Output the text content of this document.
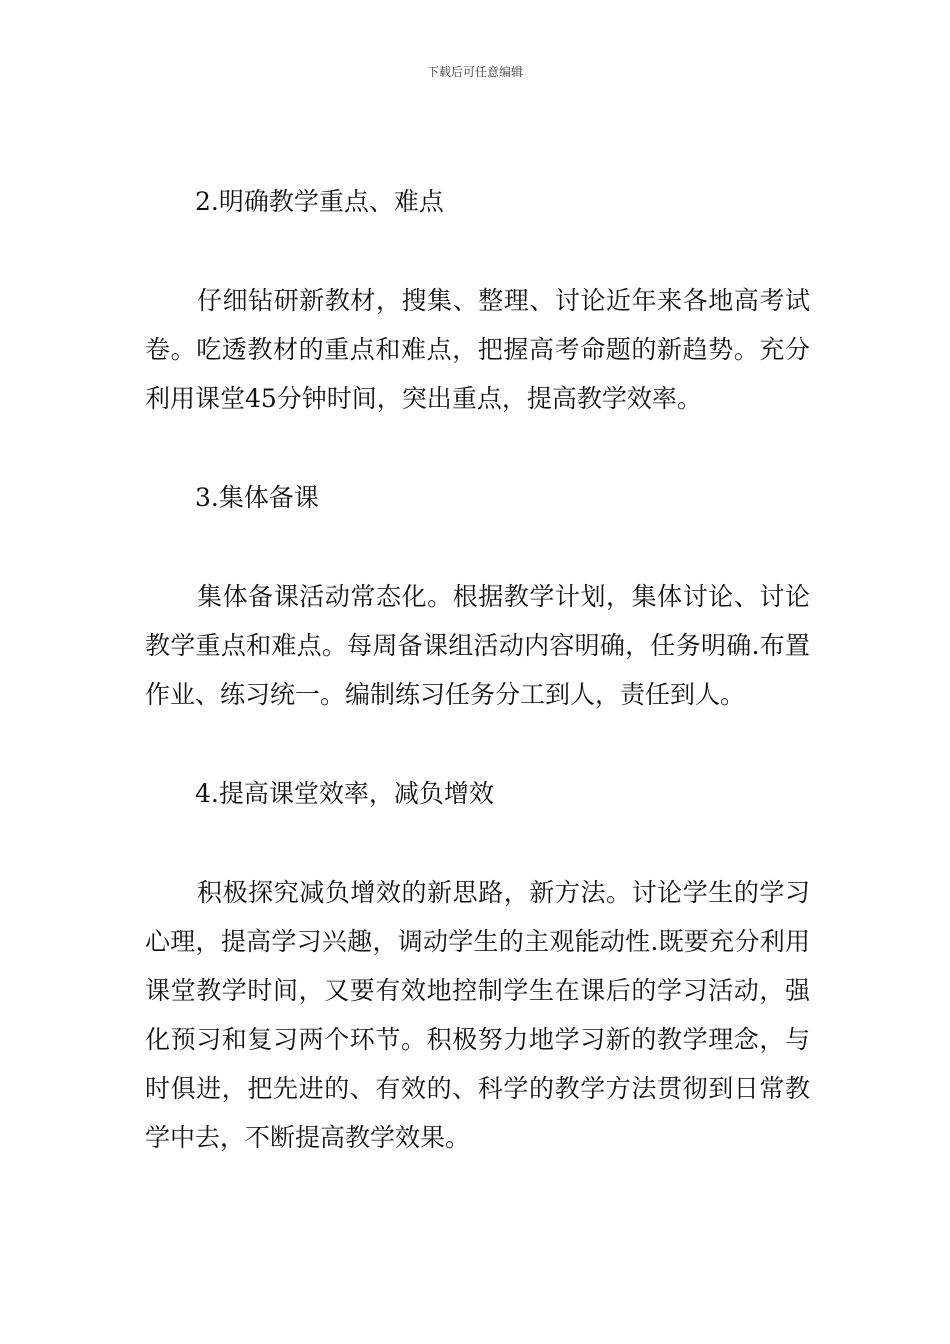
下载后可任意编辑

2.明确教学重点、难点

仔细钻研新教材，搜集、整理、讨论近年来各地高考试卷。吃透教材的重点和难点，把握高考命题的新趋势。充分利用课堂45分钟时间，突出重点，提高教学效率。

3.集体备课

集体备课活动常态化。根据教学计划，集体讨论、讨论教学重点和难点。每周备课组活动内容明确，任务明确.布置作业、练习统一。编制练习任务分工到人，责任到人。

4.提高课堂效率，减负增效

积极探究减负增效的新思路，新方法。讨论学生的学习心理，提高学习兴趣，调动学生的主观能动性.既要充分利用课堂教学时间，又要有效地控制学生在课后的学习活动，强化预习和复习两个环节。积极努力地学习新的教学理念，与时俱进，把先进的、有效的、科学的教学方法贯彻到日常教学中去，不断提高教学效果。
